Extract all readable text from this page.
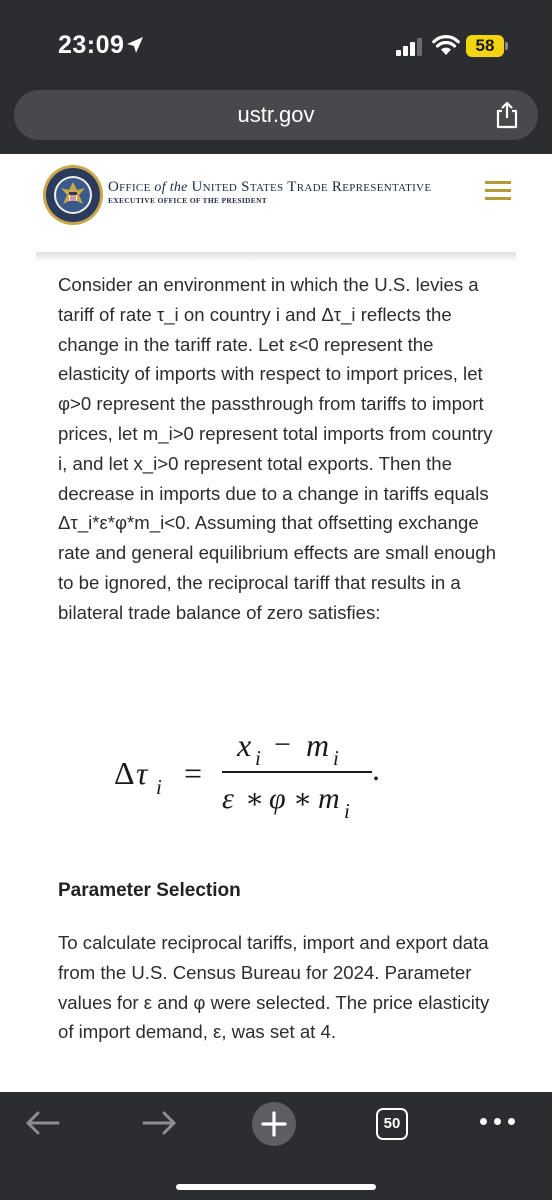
23:09	58
ustr.gov
Office of the United States Trade Representative
EXECUTIVE OFFICE OF THE PRESIDENT

Consider an environment in which the U.S. levies a tariff of rate τ_i on country i and Δτ_i reflects the change in the tariff rate. Let ε<0 represent the elasticity of imports with respect to import prices, let φ>0 represent the passthrough from tariffs to import prices, let m_i>0 represent total imports from country i, and let x_i>0 represent total exports. Then the decrease in imports due to a change in tariffs equals Δτ_i*ε*φ*m_i<0. Assuming that offsetting exchange rate and general equilibrium effects are small enough to be ignored, the reciprocal tariff that results in a bilateral trade balance of zero satisfies:

Δ τ i =
x i − m i
ε ∗ φ ∗ m i
.
Parameter Selection

To calculate reciprocal tariffs, import and export data from the U.S. Census Bureau for 2024. Parameter values for ε and φ were selected. The price elasticity of import demand, ε, was set at 4.

50
